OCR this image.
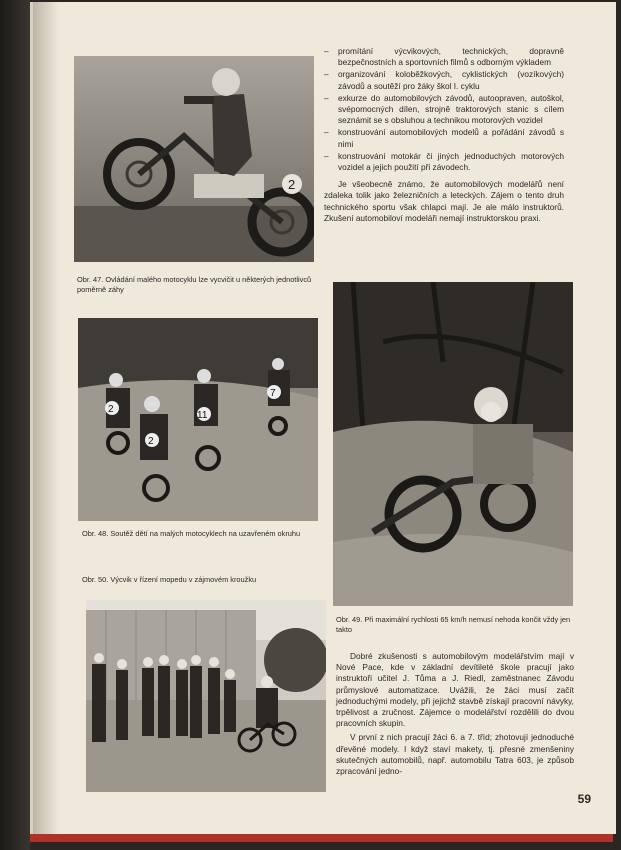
2
Obr. 47. Ovládání malého motocyklu lze vycvičit u některých jednotlivců poměrně záhy
2
2
11
7
Obr. 48. Soutěž dětí na malých motocyklech na uzavřeném okruhu
Obr. 50. Výcvik v řízení mopedu v zájmovém kroužku
Obr. 49. Při maximální rychlosti 65 km/h nemusí nehoda končit vždy jen takto
– promítání výcvikových, technických, dopravně bezpečnostních a sportovních filmů s odborným výkladem
– organizování koloběžkových, cyklistických (vozíkových) závodů a soutěží pro žáky škol I. cyklu
– exkurze do automobilových závodů, autoopraven, autoškol, svépomocných dílen, strojně traktorových stanic s cílem seznámit se s obsluhou a technikou motorových vozidel
– konstruování automobilových modelů a pořádání závodů s nimi
– konstruování motokár či jiných jednoduchých motorových vozidel a jejich použití při závodech.

Je všeobecně známo, že automobilových modelářů není zdaleka tolik jako železničních a leteckých. Zájem o tento druh technického sportu však chlapci mají. Je ale málo instruktorů. Zkušení automobiloví modeláři nemají instruktorskou praxi.

Dobré zkušenosti s automobilovým modelářstvím mají v Nové Pace, kde v základní devítileté škole pracují jako instruktoři učitel J. Tůma a J. Riedl, zaměstnanec Závodu průmyslové automatizace. Uvážili, že žáci musí začít jednoduchými modely, při jejichž stavbě získají pracovní návyky, trpělivost a zručnost. Zájemce o modelářství rozdělili do dvou pracovních skupin.

V první z nich pracují žáci 6. a 7. tříd; zhotovují jednoduché dřevěné modely. I když staví makety, tj. přesné zmenšeniny skutečných automobilů, např. automobilu Tatra 603, je způsob zpracování jedno-

59
